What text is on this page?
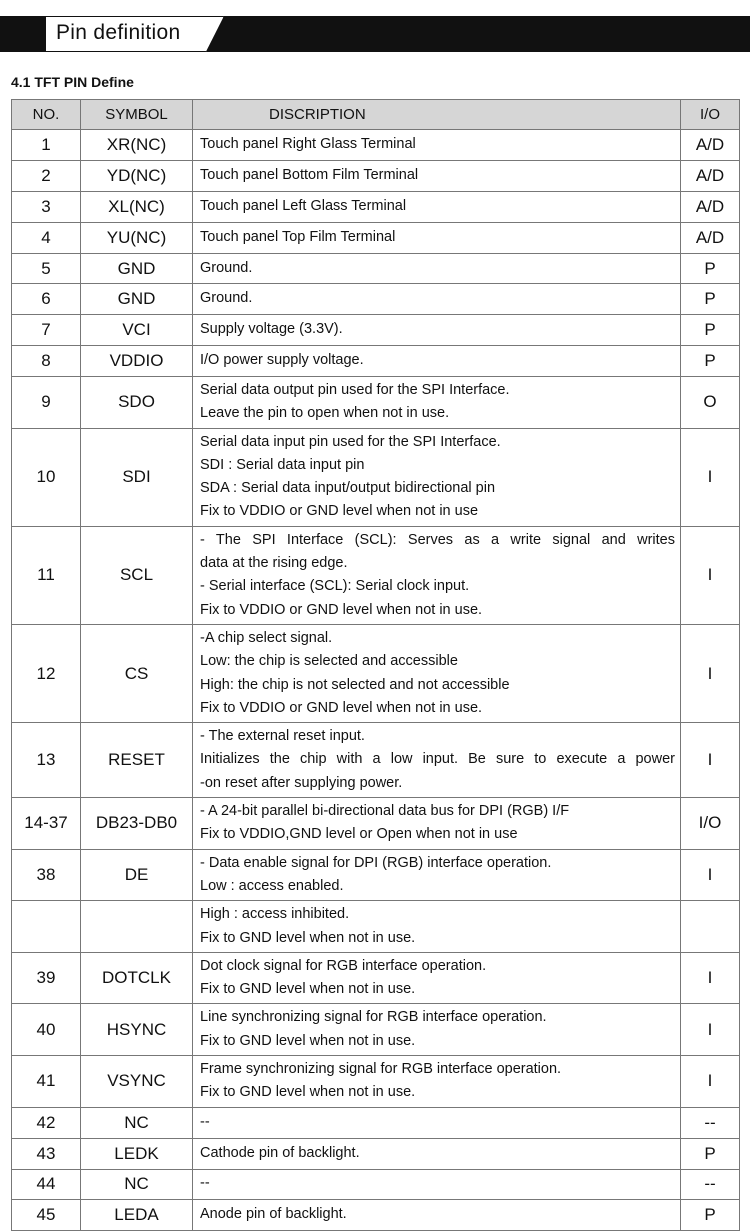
Pin definition
4.1 TFT PIN Define
NO.	SYMBOL	DISCRIPTION	I/O
1	XR(NC)	Touch panel Right Glass Terminal	A/D
2	YD(NC)	Touch panel Bottom Film Terminal	A/D
3	XL(NC)	Touch panel Left Glass Terminal	A/D
4	YU(NC)	Touch panel Top Film Terminal	A/D
5	GND	Ground.	P
6	GND	Ground.	P
7	VCI	Supply voltage (3.3V).	P
8	VDDIO	I/O power supply voltage.	P
9	SDO	Serial data output pin used for the SPI Interface.
Leave the pin to open when not in use.	O
10	SDI	Serial data input pin used for the SPI Interface.
SDI : Serial data input pin
SDA : Serial data input/output bidirectional pin
Fix to VDDIO or GND level when not in use	I
11	SCL	- The SPI Interface (SCL): Serves as a write signal and writes
data at the rising edge.
- Serial interface (SCL): Serial clock input.
Fix to VDDIO or GND level when not in use.	I
12	CS	-A chip select signal.
Low: the chip is selected and accessible
High: the chip is not selected and not accessible
Fix to VDDIO or GND level when not in use.	I
13	RESET	- The external reset input.
Initializes the chip with a low input. Be sure to execute a power
-on reset after supplying power.	I
14-37	DB23-DB0	- A 24-bit parallel bi-directional data bus for DPI (RGB) I/F
Fix to VDDIO,GND level or Open when not in use	I/O
38	DE	- Data enable signal for DPI (RGB) interface operation.
Low : access enabled.	I

		High : access inhibited.
Fix to GND level when not in use.	

39	DOTCLK	Dot clock signal for RGB interface operation.
Fix to GND level when not in use.	I
40	HSYNC	Line synchronizing signal for RGB interface operation.
Fix to GND level when not in use.	I
41	VSYNC	Frame synchronizing signal for RGB interface operation.
Fix to GND level when not in use.	I
42	NC	--	--
43	LEDK	Cathode pin of backlight.	P
44	NC	--	--
45	LEDA	Anode pin of backlight.	P
